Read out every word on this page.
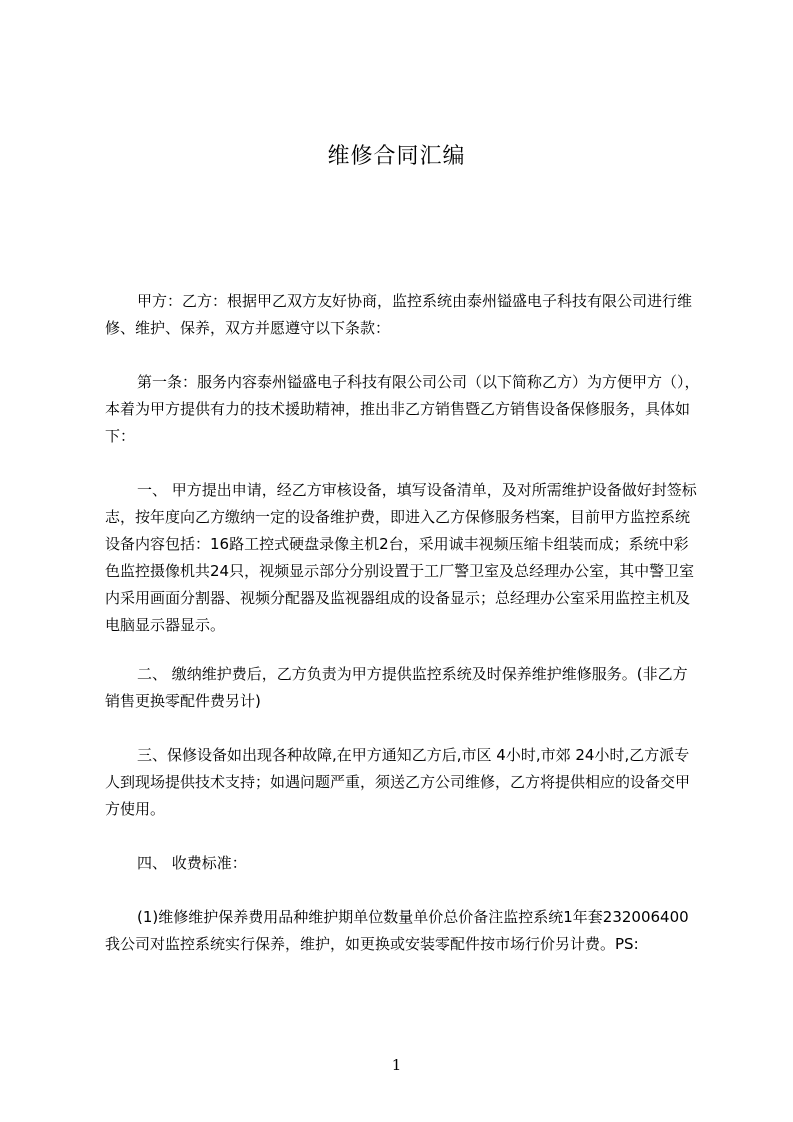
维修合同汇编
甲方：乙方：根据甲乙双方友好协商，监控系统由泰州镒盛电子科技有限公司进行维修、维护、保养，双方并愿遵守以下条款：
第一条：服务内容泰州镒盛电子科技有限公司公司（以下简称乙方）为方便甲方（），本着为甲方提供有力的技术援助精神，推出非乙方销售暨乙方销售设备保修服务，具体如下：
一、 甲方提出申请，经乙方审核设备，填写设备清单，及对所需维护设备做好封签标志，按年度向乙方缴纳一定的设备维护费，即进入乙方保修服务档案，目前甲方监控系统设备内容包括：16路工控式硬盘录像主机2台，采用诚丰视频压缩卡组装而成；系统中彩色监控摄像机共24只，视频显示部分分别设置于工厂警卫室及总经理办公室，其中警卫室内采用画面分割器、视频分配器及监视器组成的设备显示；总经理办公室采用监控主机及电脑显示器显示。
二、 缴纳维护费后，乙方负责为甲方提供监控系统及时保养维护维修服务。(非乙方销售更换零配件费另计)
三、保修设备如出现各种故障,在甲方通知乙方后,市区 4小时,市郊 24小时,乙方派专人到现场提供技术支持；如遇问题严重，须送乙方公司维修，乙方将提供相应的设备交甲方使用。
四、 收费标准：
(1)维修维护保养费用品种维护期单位数量单价总价备注监控系统1年套232006400我公司对监控系统实行保养，维护，如更换或安装零配件按市场行价另计费。PS:
1
